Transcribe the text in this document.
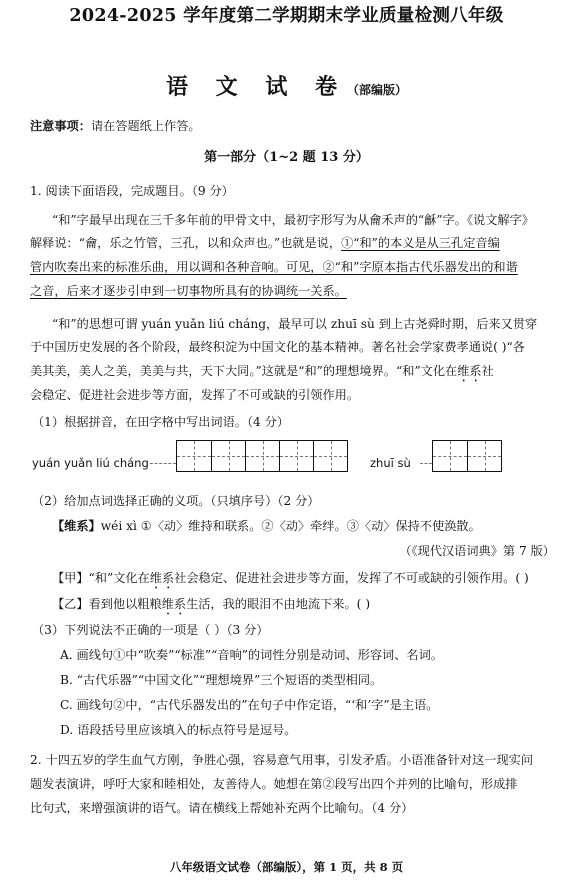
2024-2025 学年度第二学期期末学业质量检测八年级
语 文 试 卷（部编版）
注意事项：请在答题纸上作答。
第一部分（1~2 题 13 分）
1. 阅读下面语段，完成题目。（9 分）
“和”字最早出现在三千多年前的甲骨文中，最初字形写为从龠禾声的“龢”字。《说文解字》
解释说：“龠，乐之竹管，三孔，以和众声也。”也就是说，①“和”的本义是从三孔定音编
管内吹奏出来的标准乐曲，用以调和各种音响。可见，②“和”字原本指古代乐器发出的和谐
之音，后来才逐步引申到一切事物所具有的协调统一关系。
“和”的思想可谓 yuán yuǎn liú cháng，最早可以 zhuī sù 到上古尧舜时期，后来又贯穿
于中国历史发展的各个阶段，最终积淀为中国文化的基本精神。著名社会学家费孝通说( )“各
美其美，美人之美，美美与共，天下大同。”这就是“和”的理想境界。“和”文化在维系社
会稳定、促进社会进步等方面，发挥了不可或缺的引领作用。
（1）根据拼音，在田字格中写出词语。（4 分）
yuán yuǎn liú cháng	zhuī sù
（2）给加点词选择正确的义项。（只填序号）（2 分）
【维系】wéi xì ①〈动〉维持和联系。②〈动〉牵绊。③〈动〉保持不使涣散。
（《现代汉语词典》第 7 版）
【甲】“和”文化在维系社会稳定、促进社会进步等方面，发挥了不可或缺的引领作用。( )
【乙】看到他以粗粮维系生活，我的眼泪不由地流下来。( )
（3）下列说法不正确的一项是（ ）（3 分）
A. 画线句①中“吹奏”“标准”“音响”的词性分别是动词、形容词、名词。
B. “古代乐器”“中国文化”“理想境界”三个短语的类型相同。
C. 画线句②中，“古代乐器发出的”在句子中作定语，“‘和’字”是主语。
D. 语段括号里应该填入的标点符号是逗号。
2. 十四五岁的学生血气方刚，争胜心强，容易意气用事，引发矛盾。小语准备针对这一现实问
题发表演讲，呼吁大家和睦相处，友善待人。她想在第②段写出四个并列的比喻句，形成排
比句式，来增强演讲的语气。请在横线上帮她补充两个比喻句。（4 分）
八年级语文试卷（部编版），第 1 页，共 8 页
